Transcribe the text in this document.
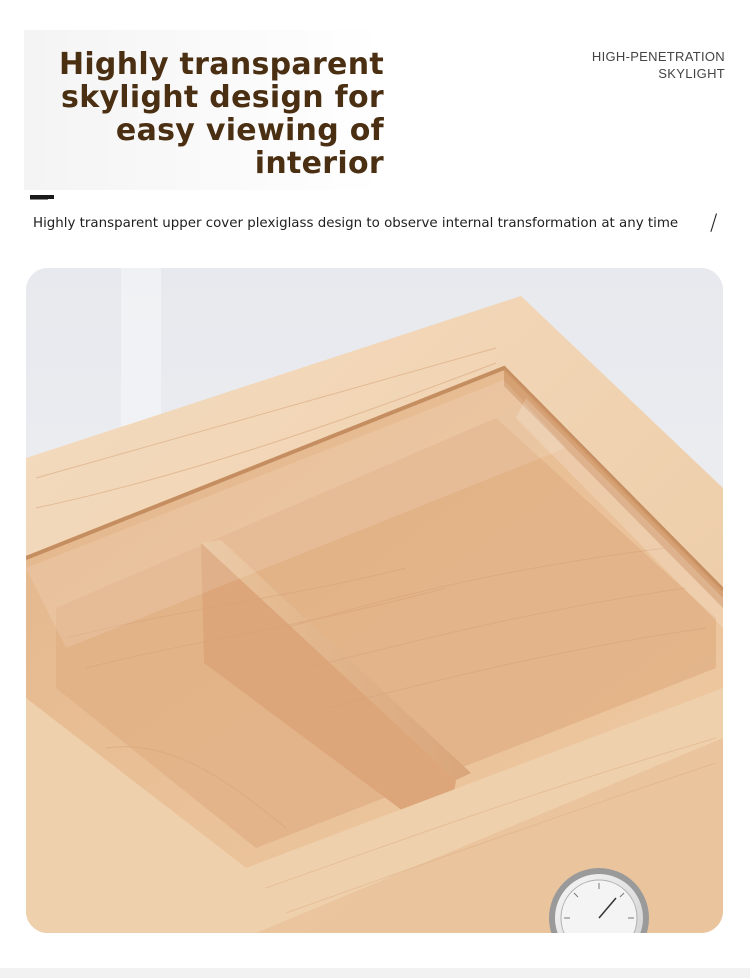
Highly transparent
skylight design for
easy viewing of
interior
HIGH-PENETRATION
SKYLIGHT

Highly transparent upper cover plexiglass design to observe internal transformation at any time /
